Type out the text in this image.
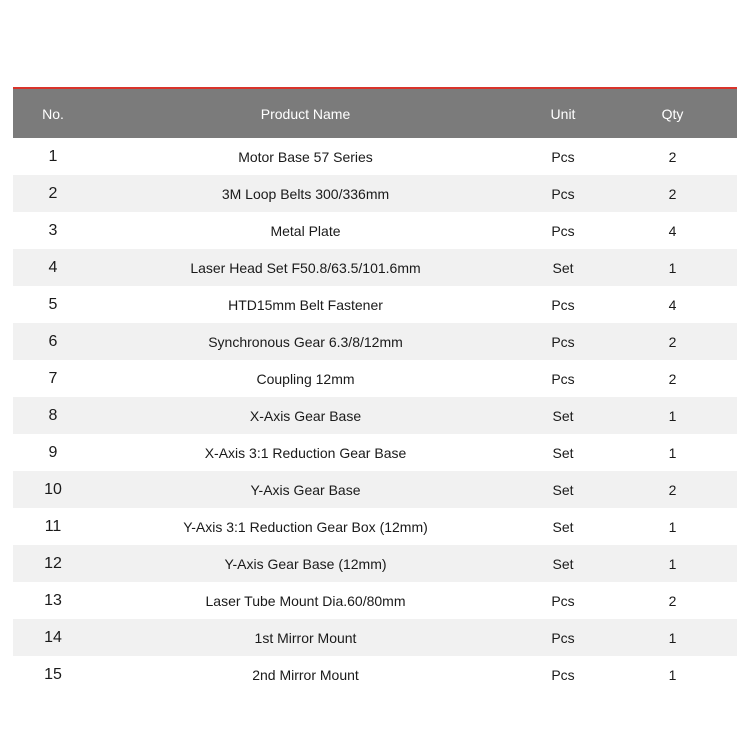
No.	Product Name	Unit	Qty
1	Motor Base 57 Series	Pcs	2
2	3M Loop Belts 300/336mm	Pcs	2
3	Metal Plate	Pcs	4
4	Laser Head Set F50.8/63.5/101.6mm	Set	1
5	HTD15mm Belt Fastener	Pcs	4
6	Synchronous Gear 6.3/8/12mm	Pcs	2
7	Coupling 12mm	Pcs	2
8	X-Axis Gear Base	Set	1
9	X-Axis 3:1 Reduction Gear Base	Set	1
10	Y-Axis Gear Base	Set	2
11	Y-Axis 3:1 Reduction Gear Box (12mm)	Set	1
12	Y-Axis Gear Base (12mm)	Set	1
13	Laser Tube Mount Dia.60/80mm	Pcs	2
14	1st Mirror Mount	Pcs	1
15	2nd Mirror Mount	Pcs	1
